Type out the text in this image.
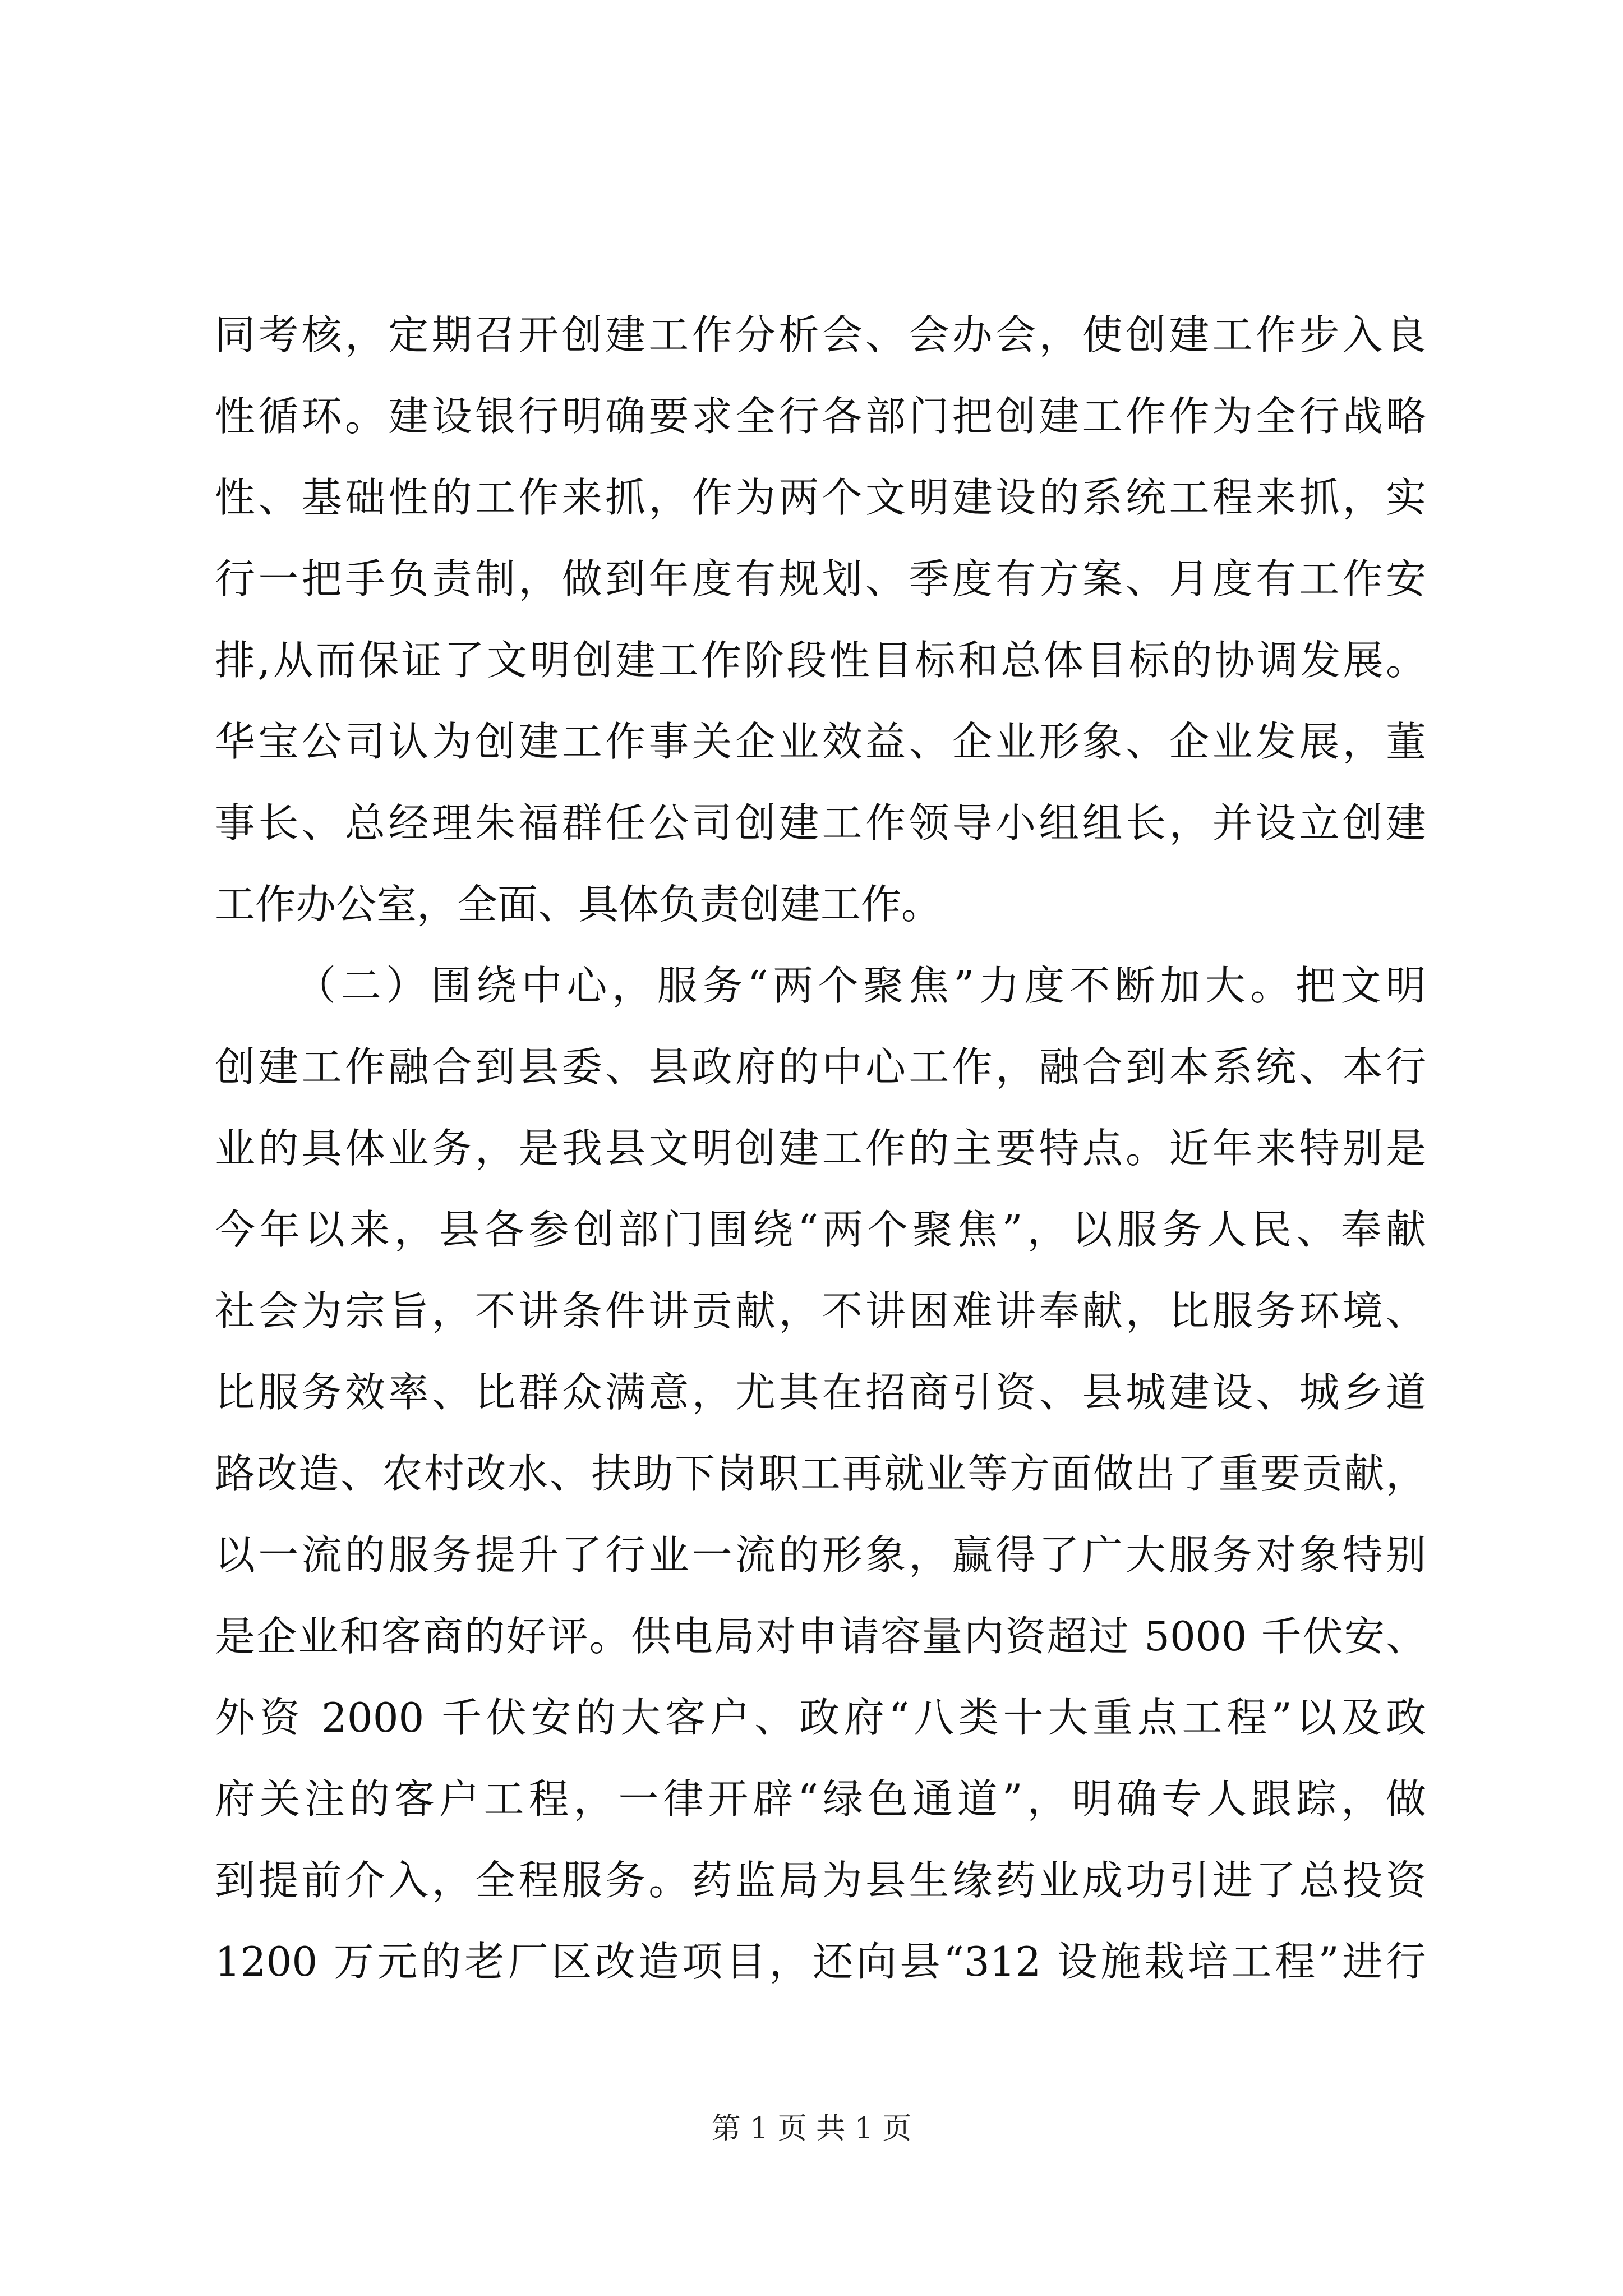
同考核，定期召开创建工作分析会、会办会，使创建工作步入良
性循环。建设银行明确要求全行各部门把创建工作作为全行战略
性、基础性的工作来抓，作为两个文明建设的系统工程来抓，实
行一把手负责制，做到年度有规划、季度有方案、月度有工作安
排,从而保证了文明创建工作阶段性目标和总体目标的协调发展。
华宝公司认为创建工作事关企业效益、企业形象、企业发展，董
事长、总经理朱福群任公司创建工作领导小组组长，并设立创建
工作办公室，全面、具体负责创建工作。
（二）围绕中心，服务“两个聚焦”力度不断加大。把文明
创建工作融合到县委、县政府的中心工作，融合到本系统、本行
业的具体业务，是我县文明创建工作的主要特点。近年来特别是
今年以来，县各参创部门围绕“两个聚焦”，以服务人民、奉献
社会为宗旨，不讲条件讲贡献，不讲困难讲奉献，比服务环境、
比服务效率、比群众满意，尤其在招商引资、县城建设、城乡道
路改造、农村改水、扶助下岗职工再就业等方面做出了重要贡献，
以一流的服务提升了行业一流的形象，赢得了广大服务对象特别
是企业和客商的好评。供电局对申请容量内资超过 5000 千伏安、
外资 2000 千伏安的大客户、政府“八类十大重点工程”以及政
府关注的客户工程，一律开辟“绿色通道”，明确专人跟踪，做
到提前介入，全程服务。药监局为县生缘药业成功引进了总投资
1200 万元的老厂区改造项目，还向县“312 设施栽培工程”进行
第 1 页 共 1 页
